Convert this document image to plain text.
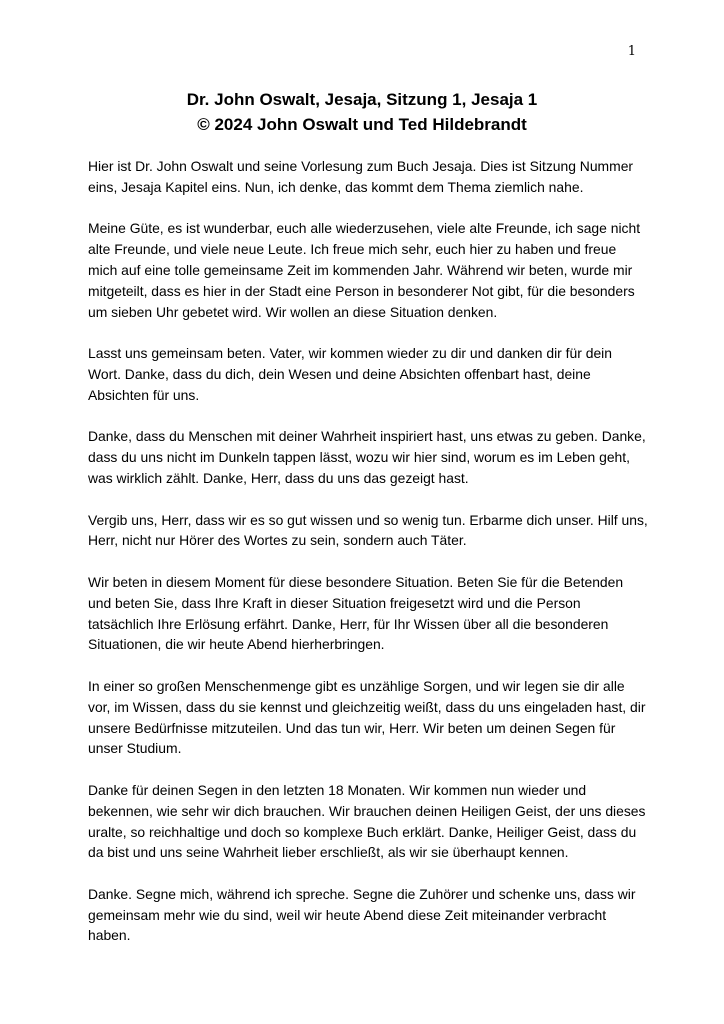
1
Dr. John Oswalt, Jesaja, Sitzung 1, Jesaja 1
© 2024 John Oswalt und Ted Hildebrandt

Hier ist Dr. John Oswalt und seine Vorlesung zum Buch Jesaja. Dies ist Sitzung Nummer eins, Jesaja Kapitel eins. Nun, ich denke, das kommt dem Thema ziemlich nahe.

Meine Güte, es ist wunderbar, euch alle wiederzusehen, viele alte Freunde, ich sage nicht alte Freunde, und viele neue Leute. Ich freue mich sehr, euch hier zu haben und freue mich auf eine tolle gemeinsame Zeit im kommenden Jahr. Während wir beten, wurde mir mitgeteilt, dass es hier in der Stadt eine Person in besonderer Not gibt, für die besonders um sieben Uhr gebetet wird. Wir wollen an diese Situation denken.

Lasst uns gemeinsam beten. Vater, wir kommen wieder zu dir und danken dir für dein Wort. Danke, dass du dich, dein Wesen und deine Absichten offenbart hast, deine Absichten für uns.

Danke, dass du Menschen mit deiner Wahrheit inspiriert hast, uns etwas zu geben. Danke, dass du uns nicht im Dunkeln tappen lässt, wozu wir hier sind, worum es im Leben geht, was wirklich zählt. Danke, Herr, dass du uns das gezeigt hast.

Vergib uns, Herr, dass wir es so gut wissen und so wenig tun. Erbarme dich unser. Hilf uns, Herr, nicht nur Hörer des Wortes zu sein, sondern auch Täter.

Wir beten in diesem Moment für diese besondere Situation. Beten Sie für die Betenden und beten Sie, dass Ihre Kraft in dieser Situation freigesetzt wird und die Person tatsächlich Ihre Erlösung erfährt. Danke, Herr, für Ihr Wissen über all die besonderen Situationen, die wir heute Abend hierherbringen.

In einer so großen Menschenmenge gibt es unzählige Sorgen, und wir legen sie dir alle vor, im Wissen, dass du sie kennst und gleichzeitig weißt, dass du uns eingeladen hast, dir unsere Bedürfnisse mitzuteilen. Und das tun wir, Herr. Wir beten um deinen Segen für unser Studium.

Danke für deinen Segen in den letzten 18 Monaten. Wir kommen nun wieder und bekennen, wie sehr wir dich brauchen. Wir brauchen deinen Heiligen Geist, der uns dieses uralte, so reichhaltige und doch so komplexe Buch erklärt. Danke, Heiliger Geist, dass du da bist und uns seine Wahrheit lieber erschließt, als wir sie überhaupt kennen.

Danke. Segne mich, während ich spreche. Segne die Zuhörer und schenke uns, dass wir gemeinsam mehr wie du sind, weil wir heute Abend diese Zeit miteinander verbracht haben.
